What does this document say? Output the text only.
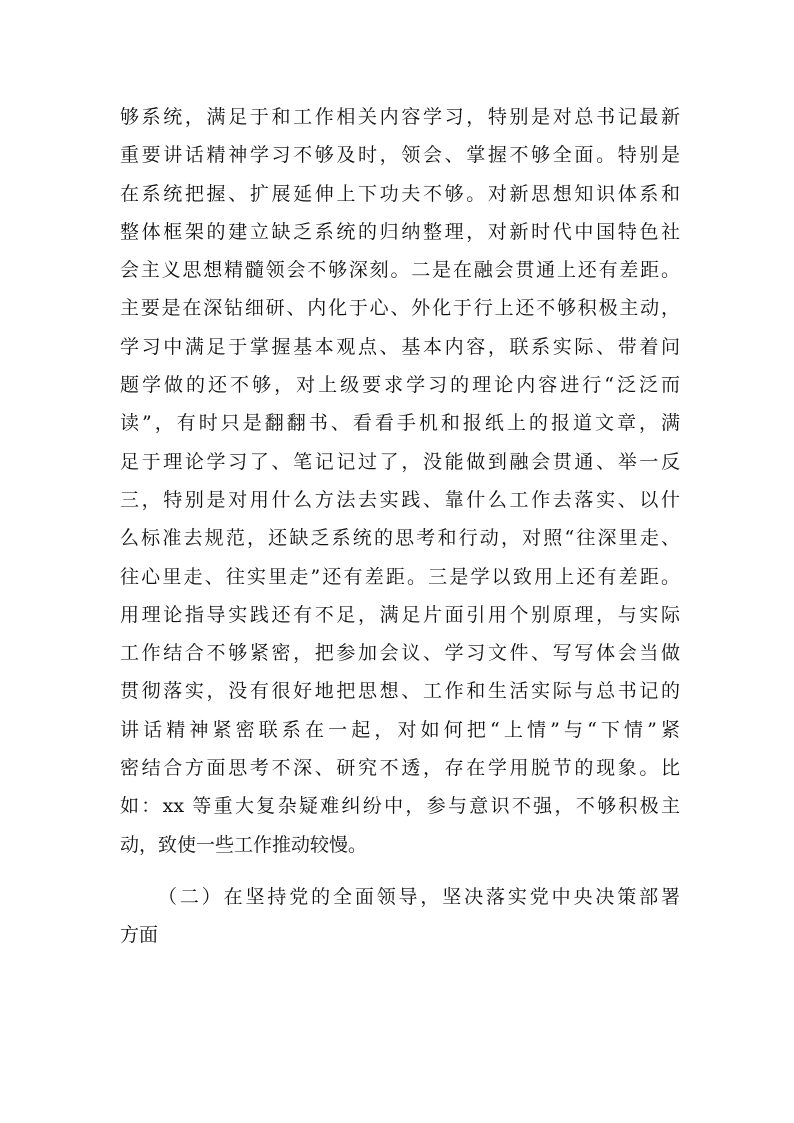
够系统，满足于和工作相关内容学习，特别是对总书记最新
重要讲话精神学习不够及时，领会、掌握不够全面。特别是
在系统把握、扩展延伸上下功夫不够。对新思想知识体系和
整体框架的建立缺乏系统的归纳整理，对新时代中国特色社
会主义思想精髓领会不够深刻。二是在融会贯通上还有差距。
主要是在深钻细研、内化于心、外化于行上还不够积极主动，
学习中满足于掌握基本观点、基本内容，联系实际、带着问
题学做的还不够，对上级要求学习的理论内容进行“泛泛而
读”，有时只是翻翻书、看看手机和报纸上的报道文章，满
足于理论学习了、笔记记过了，没能做到融会贯通、举一反
三，特别是对用什么方法去实践、靠什么工作去落实、以什
么标准去规范，还缺乏系统的思考和行动，对照“往深里走、
往心里走、往实里走”还有差距。三是学以致用上还有差距。
用理论指导实践还有不足，满足片面引用个别原理，与实际
工作结合不够紧密，把参加会议、学习文件、写写体会当做
贯彻落实，没有很好地把思想、工作和生活实际与总书记的
讲话精神紧密联系在一起，对如何把“上情”与“下情”紧
密结合方面思考不深、研究不透，存在学用脱节的现象。比
如：xx 等重大复杂疑难纠纷中，参与意识不强，不够积极主
动，致使一些工作推动较慢。
（二）在坚持党的全面领导，坚决落实党中央决策部署
方面
